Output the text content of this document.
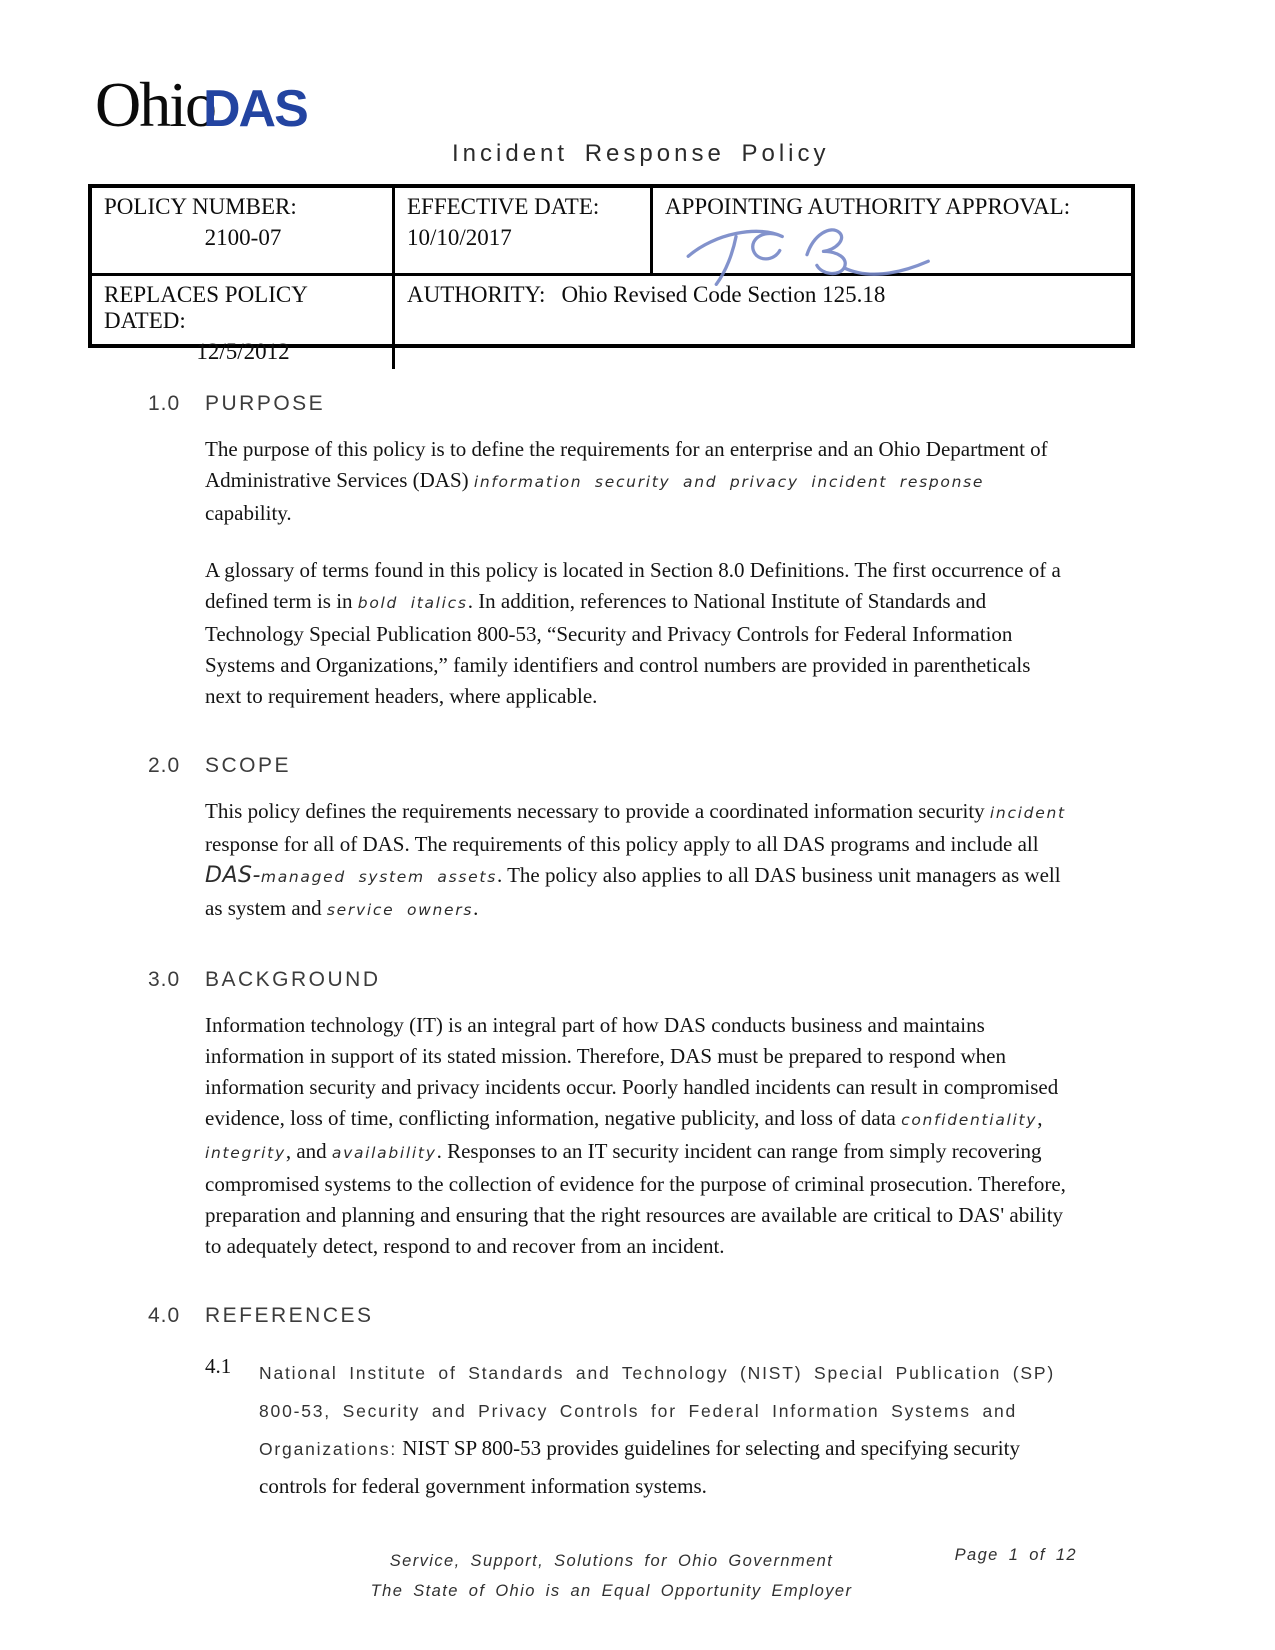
OhioDAS
Incident Response Policy
POLICY NUMBER:
2100-07
EFFECTIVE DATE:
10/10/2017
APPOINTING AUTHORITY APPROVAL:
REPLACES POLICY DATED:
12/5/2012
AUTHORITY: Ohio Revised Code Section 125.18
1.0	PURPOSE

The purpose of this policy is to define the requirements for an enterprise and an Ohio Department of Administrative Services (DAS) information security and privacy incident response capability.

A glossary of terms found in this policy is located in Section 8.0 Definitions. The first occurrence of a defined term is in bold italics. In addition, references to National Institute of Standards and Technology Special Publication 800-53, “Security and Privacy Controls for Federal Information Systems and Organizations,” family identifiers and control numbers are provided in parentheticals next to requirement headers, where applicable.

2.0	SCOPE

This policy defines the requirements necessary to provide a coordinated information security incident response for all of DAS. The requirements of this policy apply to all DAS programs and include all DAS-managed system assets. The policy also applies to all DAS business unit managers as well as system and service owners.

3.0	BACKGROUND

Information technology (IT) is an integral part of how DAS conducts business and maintains information in support of its stated mission. Therefore, DAS must be prepared to respond when information security and privacy incidents occur. Poorly handled incidents can result in compromised evidence, loss of time, conflicting information, negative publicity, and loss of data confidentiality, integrity, and availability. Responses to an IT security incident can range from simply recovering compromised systems to the collection of evidence for the purpose of criminal prosecution. Therefore, preparation and planning and ensuring that the right resources are available are critical to DAS' ability to adequately detect, respond to and recover from an incident.

4.0	REFERENCES
4.1	National Institute of Standards and Technology (NIST) Special Publication (SP) 800-53, Security and Privacy Controls for Federal Information Systems and Organizations: NIST SP 800-53 provides guidelines for selecting and specifying security controls for federal government information systems.
Service, Support, Solutions for Ohio Government
The State of Ohio is an Equal Opportunity Employer
Page 1 of 12
